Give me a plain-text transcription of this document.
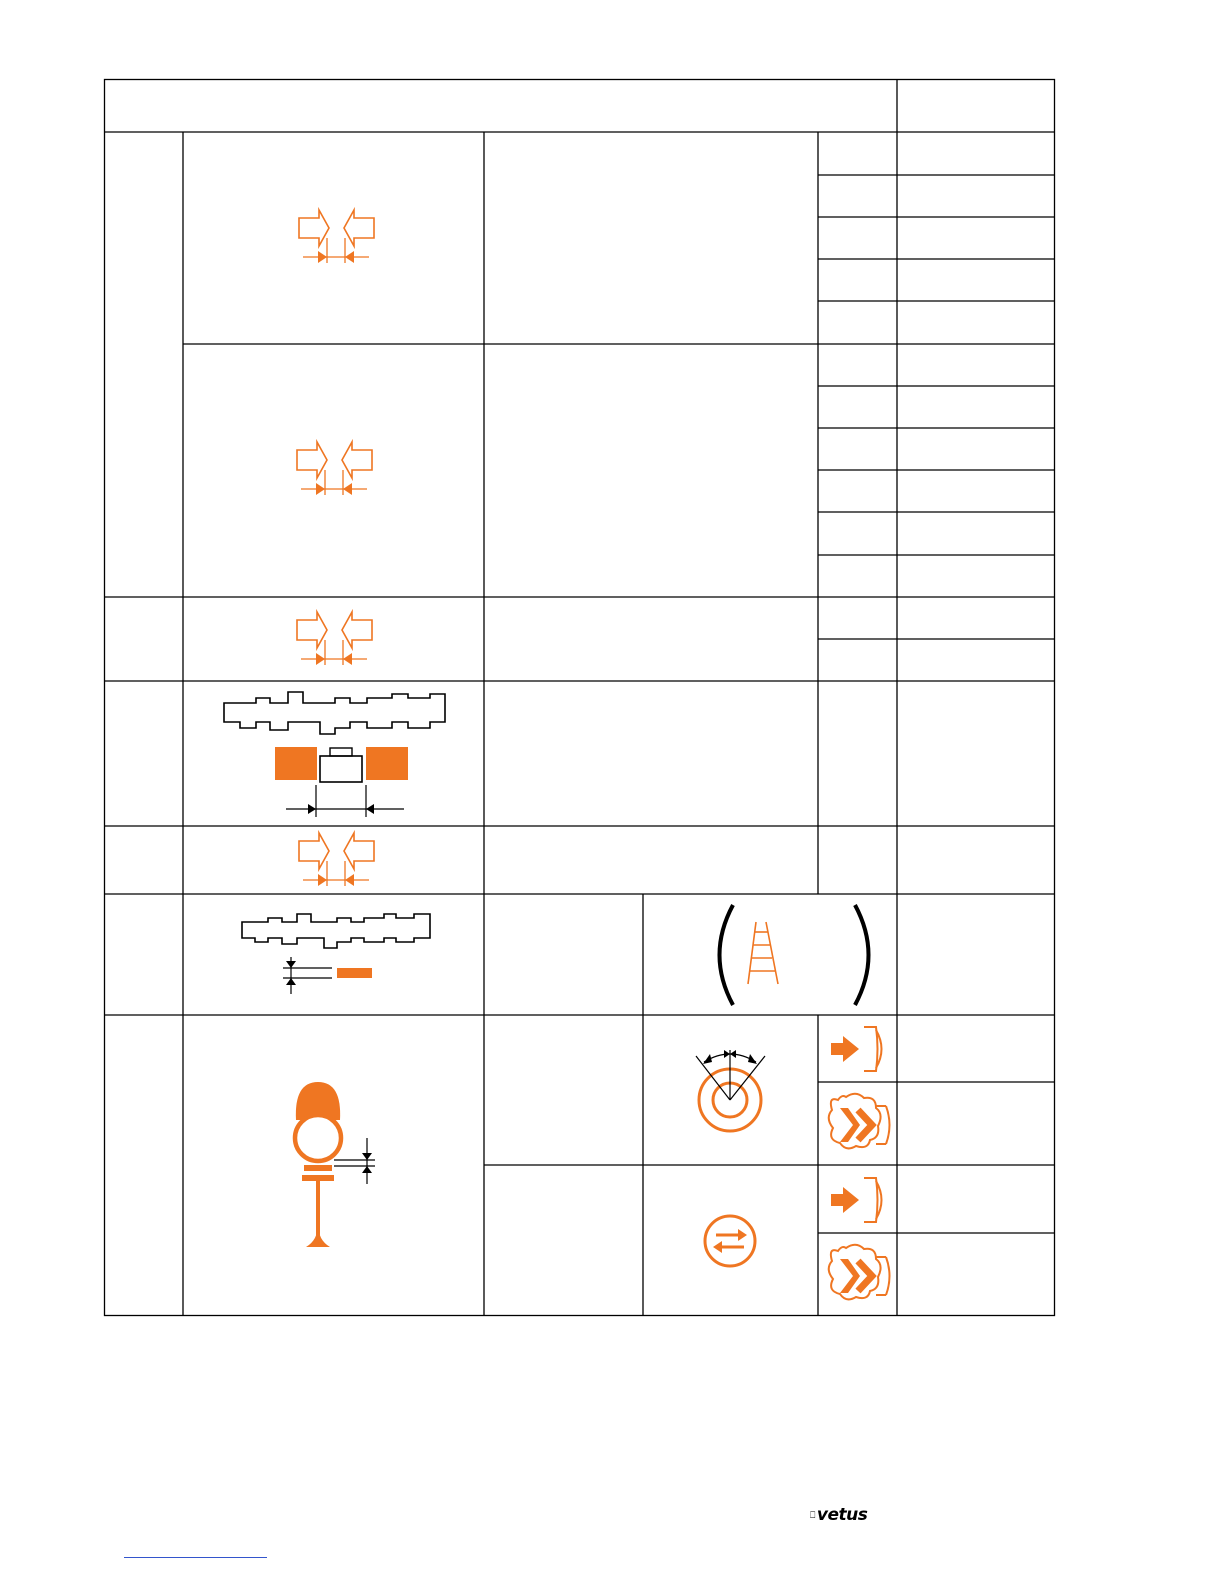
⎕ vetus
